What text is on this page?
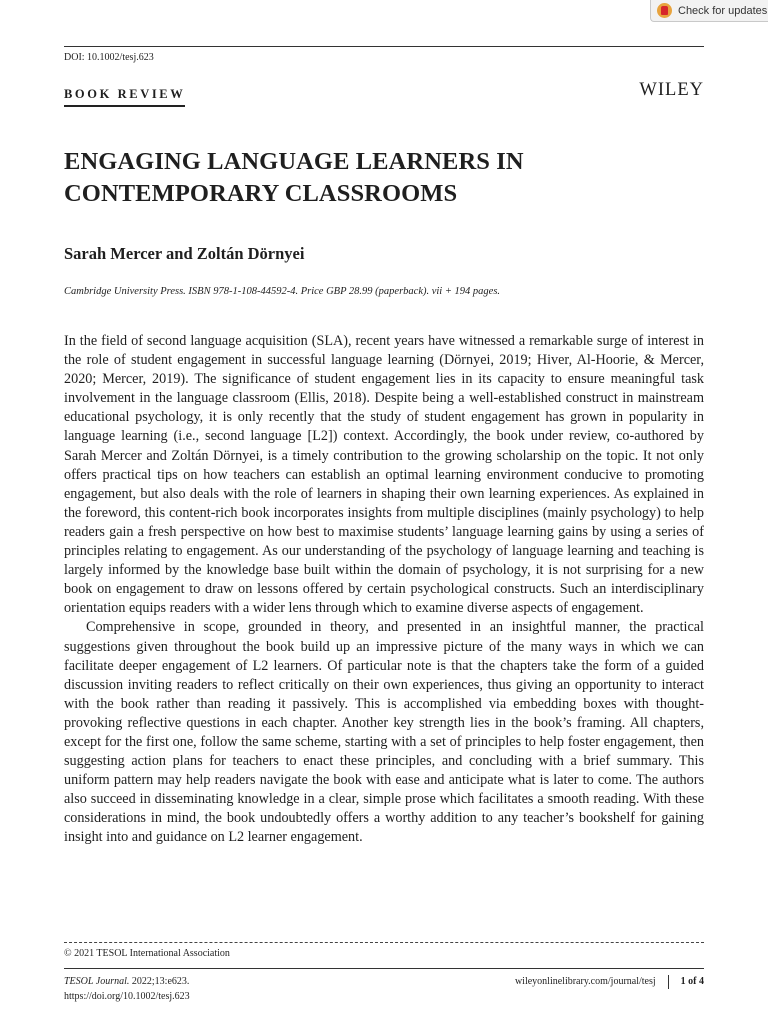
Check for updates
DOI: 10.1002/tesj.623
BOOK REVIEW	WILEY
ENGAGING LANGUAGE LEARNERS IN CONTEMPORARY CLASSROOMS
Sarah Mercer and Zoltán Dörnyei
Cambridge University Press. ISBN 978-1-108-44592-4. Price GBP 28.99 (paperback). vii + 194 pages.

In the field of second language acquisition (SLA), recent years have witnessed a remarkable surge of interest in the role of student engagement in successful language learning (Dörnyei, 2019; Hiver, Al-Hoorie, & Mercer, 2020; Mercer, 2019). The significance of student engagement lies in its capacity to ensure meaningful task involvement in the language classroom (Ellis, 2018). Despite being a well-established construct in mainstream educational psychology, it is only recently that the study of student engagement has grown in popularity in language learning (i.e., second language [L2]) context. Accordingly, the book under review, co-authored by Sarah Mercer and Zoltán Dörnyei, is a timely contribution to the growing scholarship on the topic. It not only offers practical tips on how teachers can establish an optimal learning environment conducive to promoting engagement, but also deals with the role of learners in shaping their own learning experiences. As explained in the foreword, this content-rich book incorporates insights from multiple disciplines (mainly psychology) to help readers gain a fresh perspective on how best to maximise students’ language learning gains by using a series of principles relating to engagement. As our understanding of the psychology of language learning and teaching is largely informed by the knowledge base built within the domain of psychology, it is not surprising for a new book on engagement to draw on lessons offered by certain psychological constructs. Such an interdisciplinary orientation equips readers with a wider lens through which to examine diverse aspects of engagement.

Comprehensive in scope, grounded in theory, and presented in an insightful manner, the practical suggestions given throughout the book build up an impressive picture of the many ways in which we can facilitate deeper engagement of L2 learners. Of particular note is that the chapters take the form of a guided discussion inviting readers to reflect critically on their own experiences, thus giving an opportunity to interact with the book rather than reading it passively. This is accomplished via embedding boxes with thought-provoking reflective questions in each chapter. Another key strength lies in the book’s framing. All chapters, except for the first one, follow the same scheme, starting with a set of principles to help foster engagement, then suggesting action plans for teachers to enact these principles, and concluding with a brief summary. This uniform pattern may help readers navigate the book with ease and anticipate what is later to come. The authors also succeed in disseminating knowledge in a clear, simple prose which facilitates a smooth reading. With these considerations in mind, the book undoubtedly offers a worthy addition to any teacher’s bookshelf for gaining insight into and guidance on L2 learner engagement.

© 2021 TESOL International Association
TESOL Journal. 2022;13:e623.
https://doi.org/10.1002/tesj.623
wileyonlinelibrary.com/journal/tesj	1 of 4
